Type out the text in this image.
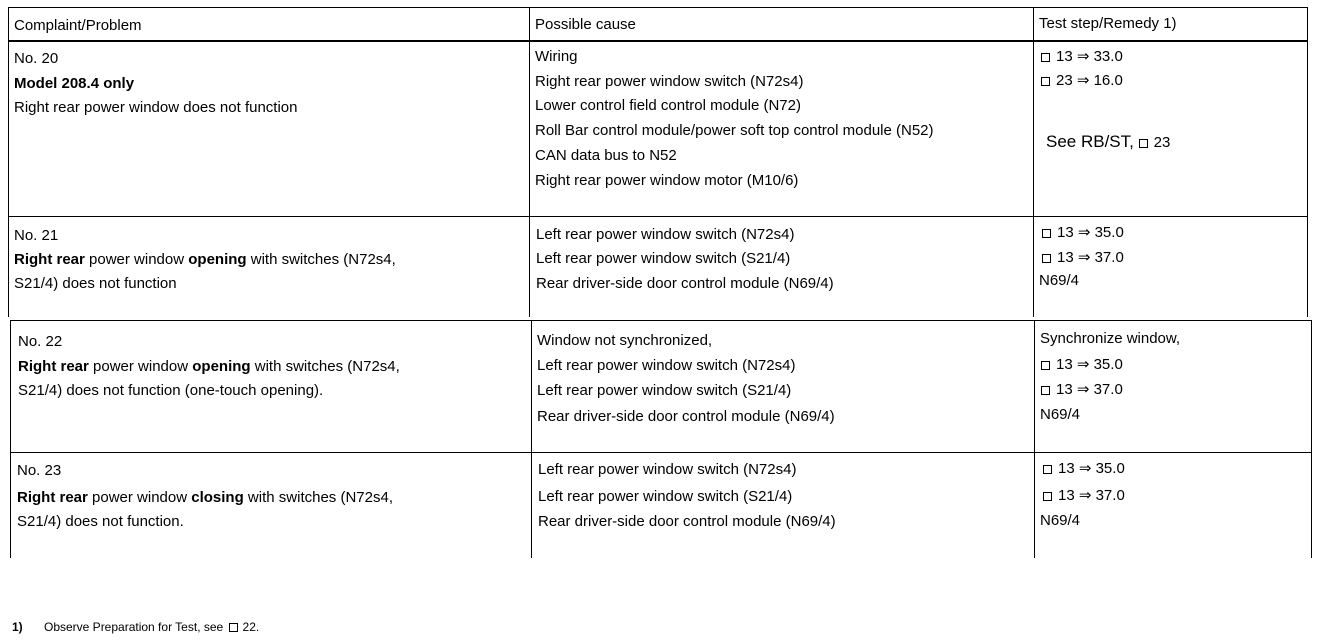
Complaint/Problem	Possible cause	Test step/Remedy 1)
No. 20
Model 208.4 only
Right rear power window does not function
Wiring
Right rear power window switch (N72s4)
Lower control field control module (N72)
Roll Bar control module/power soft top control module (N52)
CAN data bus to N52
Right rear power window motor (M10/6)
13 ⇒ 33.0
23 ⇒ 16.0
See RB/ST, 23
No. 21
Right rear power window opening with switches (N72s4,
S21/4) does not function
Left rear power window switch (N72s4)
Left rear power window switch (S21/4)
Rear driver-side door control module (N69/4)
13 ⇒ 35.0
13 ⇒ 37.0
N69/4
No. 22
Right rear power window opening with switches (N72s4,
S21/4) does not function (one-touch opening).
Window not synchronized,
Left rear power window switch (N72s4)
Left rear power window switch (S21/4)
Rear driver-side door control module (N69/4)
Synchronize window,
13 ⇒ 35.0
13 ⇒ 37.0
N69/4
No. 23
Right rear power window closing with switches (N72s4,
S21/4) does not function.
Left rear power window switch (N72s4)
Left rear power window switch (S21/4)
Rear driver-side door control module (N69/4)
13 ⇒ 35.0
13 ⇒ 37.0
N69/4
1) Observe Preparation for Test, see 22.
